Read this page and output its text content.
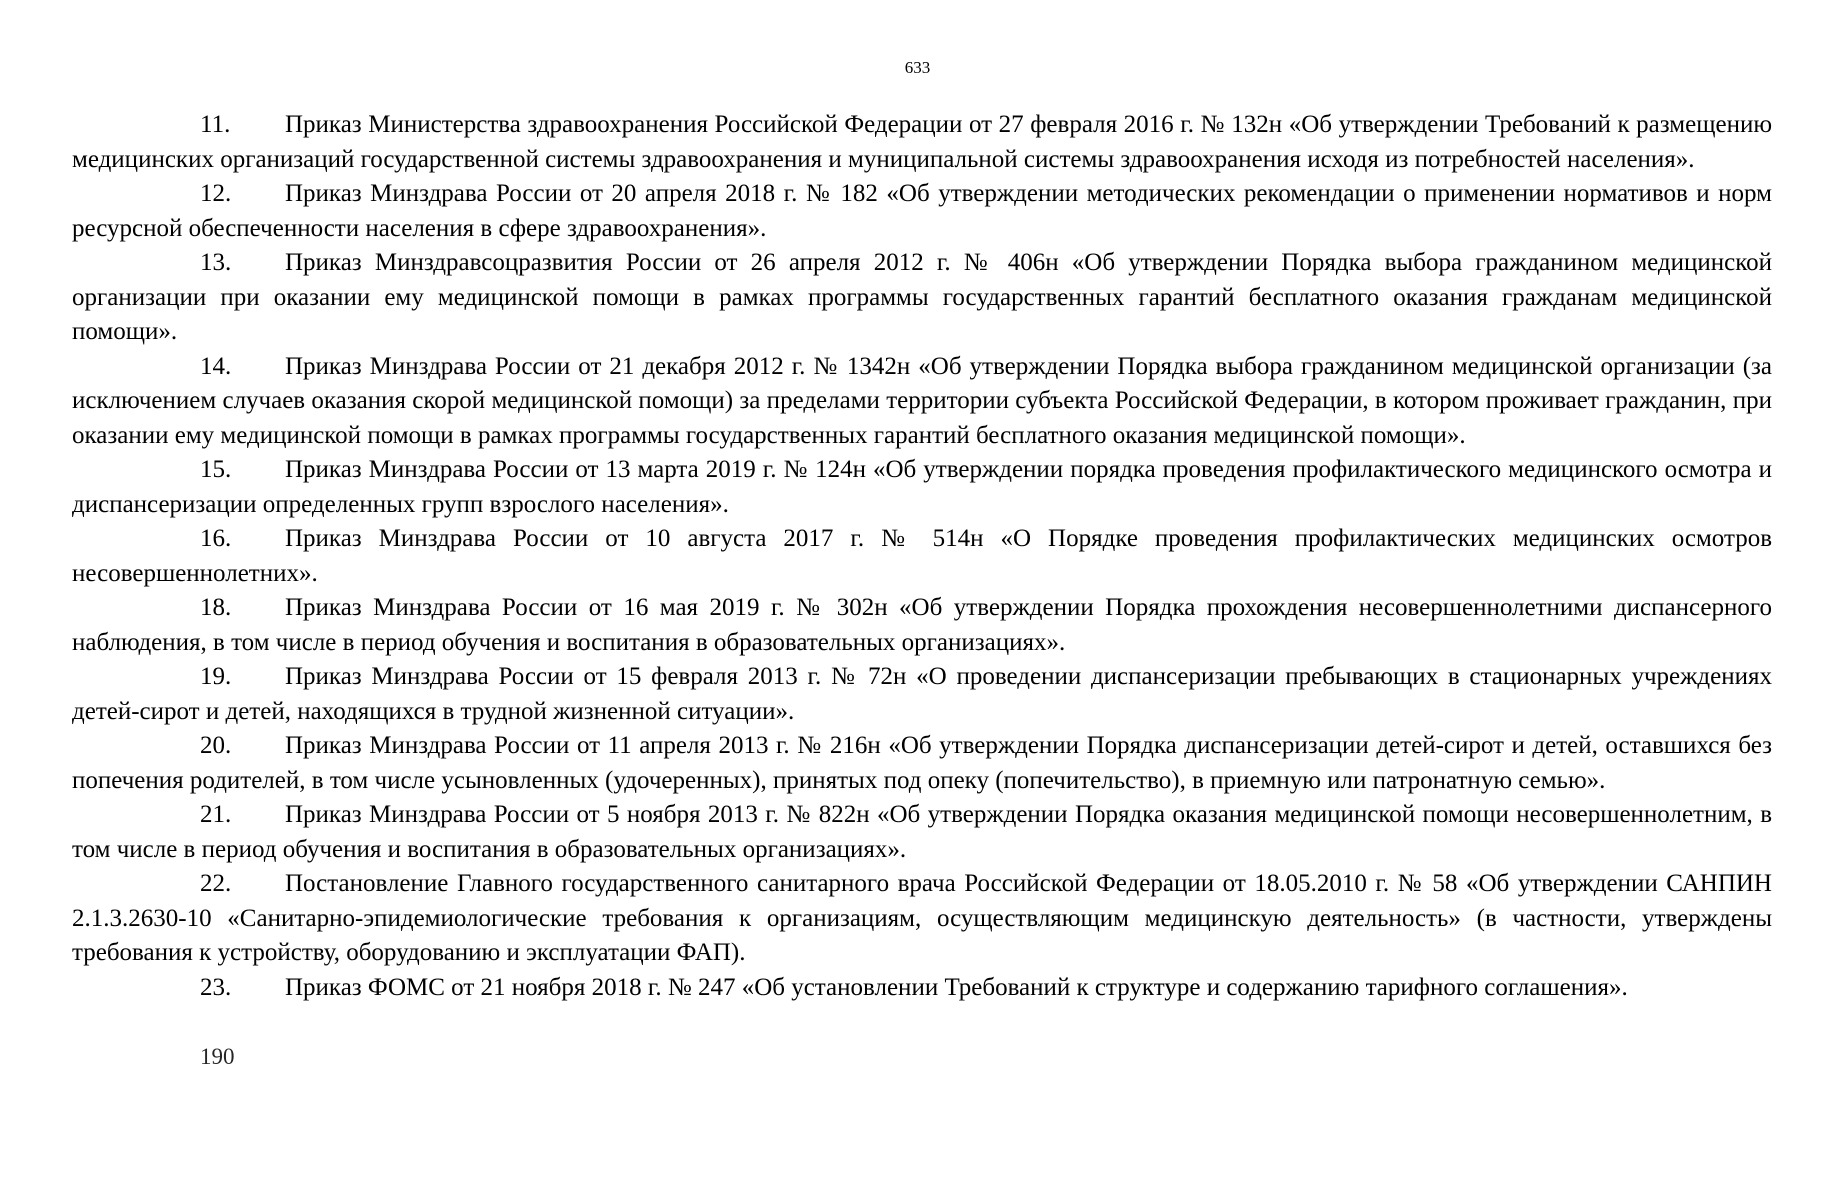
633

11. Приказ Министерства здравоохранения Российской Федерации от 27 февраля 2016 г. № 132н «Об утверждении Требований к размещению медицинских организаций государственной системы здравоохранения и муниципальной системы здравоохранения исходя из потребностей населения».

12. Приказ Минздрава России от 20 апреля 2018 г. № 182 «Об утверждении методических рекомендации о применении нормативов и норм ресурсной обеспеченности населения в сфере здравоохранения».

13. Приказ Минздравсоцразвития России от 26 апреля 2012 г. № 406н «Об утверждении Порядка выбора гражданином медицинской организации при оказании ему медицинской помощи в рамках программы государственных гарантий бесплатного оказания гражданам медицинской помощи».

14. Приказ Минздрава России от 21 декабря 2012 г. № 1342н «Об утверждении Порядка выбора гражданином медицинской организации (за исключением случаев оказания скорой медицинской помощи) за пределами территории субъекта Российской Федерации, в котором проживает гражданин, при оказании ему медицинской помощи в рамках программы государственных гарантий бесплатного оказания медицинской помощи».

15. Приказ Минздрава России от 13 марта 2019 г. № 124н «Об утверждении порядка проведения профилактического медицинского осмотра и диспансеризации определенных групп взрослого населения».

16. Приказ Минздрава России от 10 августа 2017 г. № 514н «О Порядке проведения профилактических медицинских осмотров несовершеннолетних».

18. Приказ Минздрава России от 16 мая 2019 г. № 302н «Об утверждении Порядка прохождения несовершеннолетними диспансерного наблюдения, в том числе в период обучения и воспитания в образовательных организациях».

19. Приказ Минздрава России от 15 февраля 2013 г. № 72н «О проведении диспансеризации пребывающих в стационарных учреждениях детей-сирот и детей, находящихся в трудной жизненной ситуации».

20. Приказ Минздрава России от 11 апреля 2013 г. № 216н «Об утверждении Порядка диспансеризации детей-сирот и детей, оставшихся без попечения родителей, в том числе усыновленных (удочеренных), принятых под опеку (попечительство), в приемную или патронатную семью».

21. Приказ Минздрава России от 5 ноября 2013 г. № 822н «Об утверждении Порядка оказания медицинской помощи несовершеннолетним, в том числе в период обучения и воспитания в образовательных организациях».

22. Постановление Главного государственного санитарного врача Российской Федерации от 18.05.2010 г. № 58 «Об утверждении САНПИН 2.1.3.2630-10 «Санитарно-эпидемиологические требования к организациям, осуществляющим медицинскую деятельность» (в частности, утверждены требования к устройству, оборудованию и эксплуатации ФАП).

23. Приказ ФОМС от 21 ноября 2018 г. № 247 «Об установлении Требований к структуре и содержанию тарифного соглашения».

190
